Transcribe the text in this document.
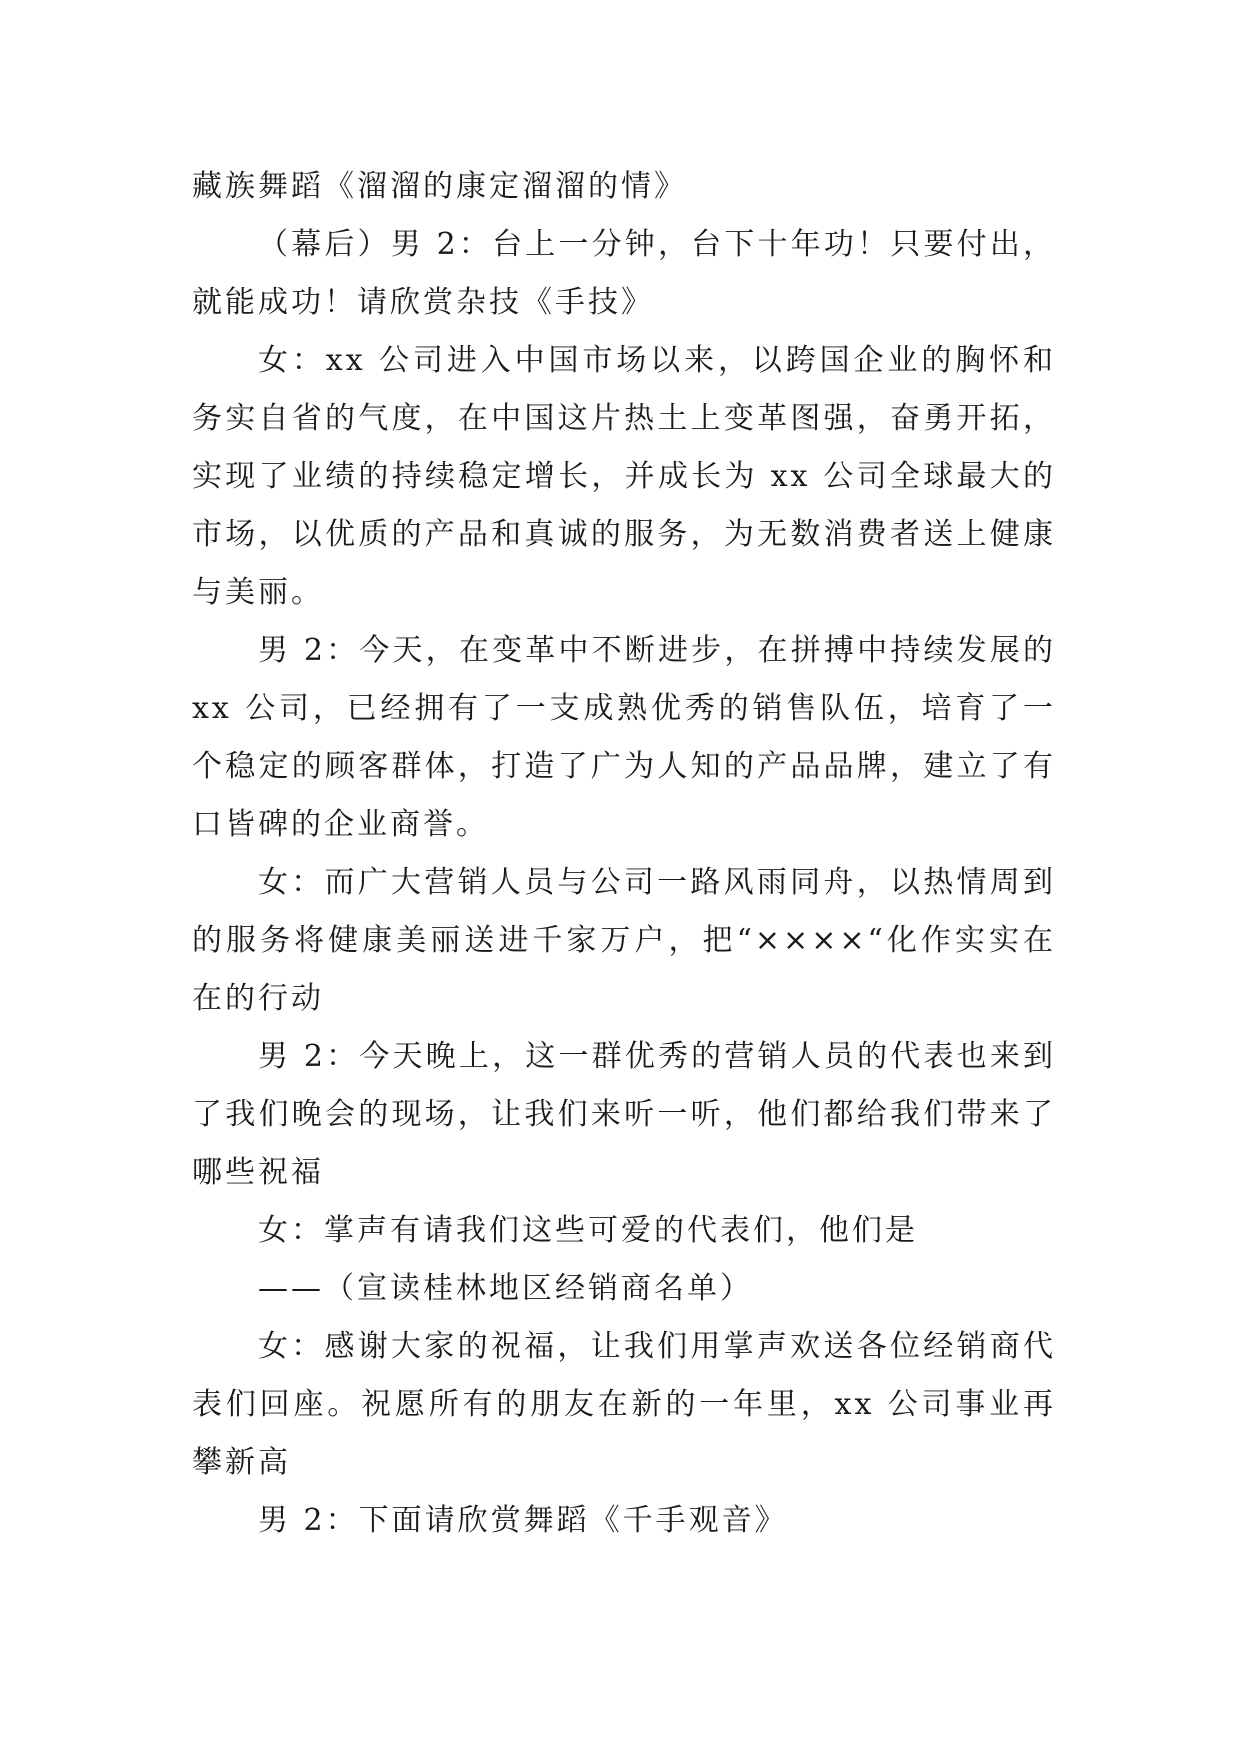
藏族舞蹈《溜溜的康定溜溜的情》

（幕后）男 2：台上一分钟，台下十年功！只要付出，就能成功！请欣赏杂技《手技》

女：xx 公司进入中国市场以来，以跨国企业的胸怀和务实自省的气度，在中国这片热土上变革图强，奋勇开拓，实现了业绩的持续稳定增长，并成长为 xx 公司全球最大的市场，以优质的产品和真诚的服务，为无数消费者送上健康与美丽。

男 2：今天，在变革中不断进步，在拼搏中持续发展的 xx 公司，已经拥有了一支成熟优秀的销售队伍，培育了一个稳定的顾客群体，打造了广为人知的产品品牌，建立了有口皆碑的企业商誉。

女：而广大营销人员与公司一路风雨同舟，以热情周到的服务将健康美丽送进千家万户，把“××××“化作实实在在的行动

男 2：今天晚上，这一群优秀的营销人员的代表也来到了我们晚会的现场，让我们来听一听，他们都给我们带来了哪些祝福

女：掌声有请我们这些可爱的代表们，他们是

——（宣读桂林地区经销商名单）

女：感谢大家的祝福，让我们用掌声欢送各位经销商代表们回座。祝愿所有的朋友在新的一年里，xx 公司事业再攀新高

男 2：下面请欣赏舞蹈《千手观音》
